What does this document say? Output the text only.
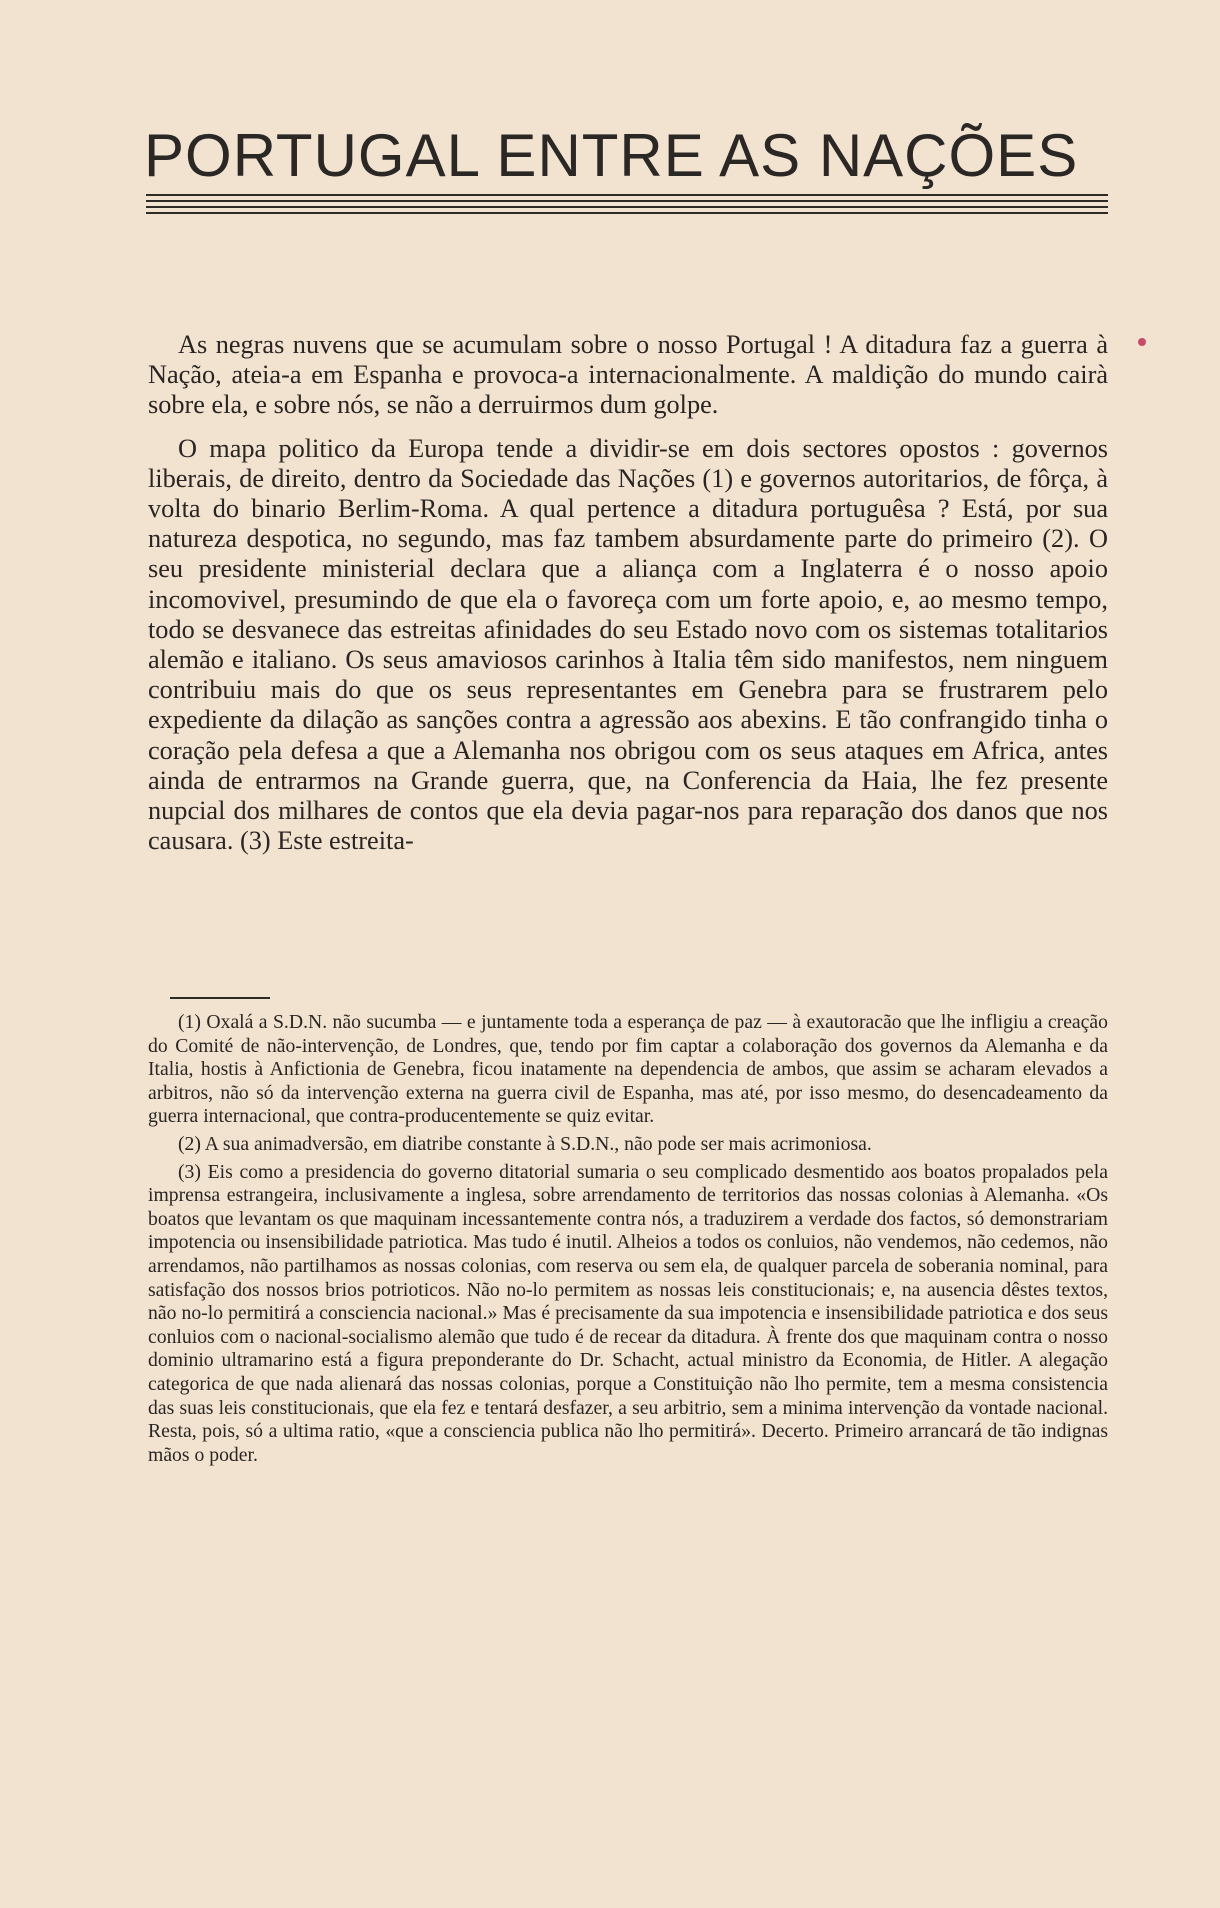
PORTUGAL ENTRE AS NAÇÕES

As negras nuvens que se acumulam sobre o nosso Portugal ! A ditadura faz a guerra à Nação, ateia-a em Espanha e provoca-a internacionalmente. A maldição do mundo cairà sobre ela, e sobre nós, se não a derruirmos dum golpe.

O mapa politico da Europa tende a dividir-se em dois sectores opostos : governos liberais, de direito, dentro da Sociedade das Nações (1) e governos autoritarios, de fôrça, à volta do binario Berlim-Roma. A qual pertence a ditadura portuguêsa ? Está, por sua natureza despotica, no segundo, mas faz tambem absurdamente parte do primeiro (2). O seu presidente ministerial declara que a aliança com a Inglaterra é o nosso apoio incomovivel, presumindo de que ela o favoreça com um forte apoio, e, ao mesmo tempo, todo se desvanece das estreitas afinidades do seu Estado novo com os sistemas totalitarios alemão e italiano. Os seus amaviosos carinhos à Italia têm sido manifestos, nem ninguem contribuiu mais do que os seus representantes em Genebra para se frustrarem pelo expediente da dilação as sanções contra a agressão aos abexins. E tão confrangido tinha o coração pela defesa a que a Alemanha nos obrigou com os seus ataques em Africa, antes ainda de entrarmos na Grande guerra, que, na Conferencia da Haia, lhe fez presente nupcial dos milhares de contos que ela devia pagar-nos para reparação dos danos que nos causara. (3) Este estreita-

(1) Oxalá a S.D.N. não sucumba — e juntamente toda a esperança de paz — à exautoracão que lhe infligiu a creação do Comité de não-intervenção, de Londres, que, tendo por fim captar a colaboração dos governos da Alemanha e da Italia, hostis à Anfictionia de Genebra, ficou inatamente na dependencia de ambos, que assim se acharam elevados a arbitros, não só da intervenção externa na guerra civil de Espanha, mas até, por isso mesmo, do desencadeamento da guerra internacional, que contra-producentemente se quiz evitar.

(2) A sua animadversão, em diatribe constante à S.D.N., não pode ser mais acrimoniosa.

(3) Eis como a presidencia do governo ditatorial sumaria o seu complicado desmentido aos boatos propalados pela imprensa estrangeira, inclusivamente a inglesa, sobre arrendamento de territorios das nossas colonias à Alemanha. «Os boatos que levantam os que maquinam incessantemente contra nós, a traduzirem a verdade dos factos, só demonstrariam impotencia ou insensibilidade patriotica. Mas tudo é inutil. Alheios a todos os conluios, não vendemos, não cedemos, não arrendamos, não partilhamos as nossas colonias, com reserva ou sem ela, de qualquer parcela de soberania nominal, para satisfação dos nossos brios potrioticos. Não no-lo permitem as nossas leis constitucionais; e, na ausencia dêstes textos, não no-lo permitirá a consciencia nacional.» Mas é precisamente da sua impotencia e insensibilidade patriotica e dos seus conluios com o nacional-socialismo alemão que tudo é de recear da ditadura. À frente dos que maquinam contra o nosso dominio ultramarino está a figura preponderante do Dr. Schacht, actual ministro da Economia, de Hitler. A alegação categorica de que nada alienará das nossas colonias, porque a Constituição não lho permite, tem a mesma consistencia das suas leis constitucionais, que ela fez e tentará desfazer, a seu arbitrio, sem a minima intervenção da vontade nacional. Resta, pois, só a ultima ratio, «que a consciencia publica não lho permitirá». Decerto. Primeiro arrancará de tão indignas mãos o poder.
